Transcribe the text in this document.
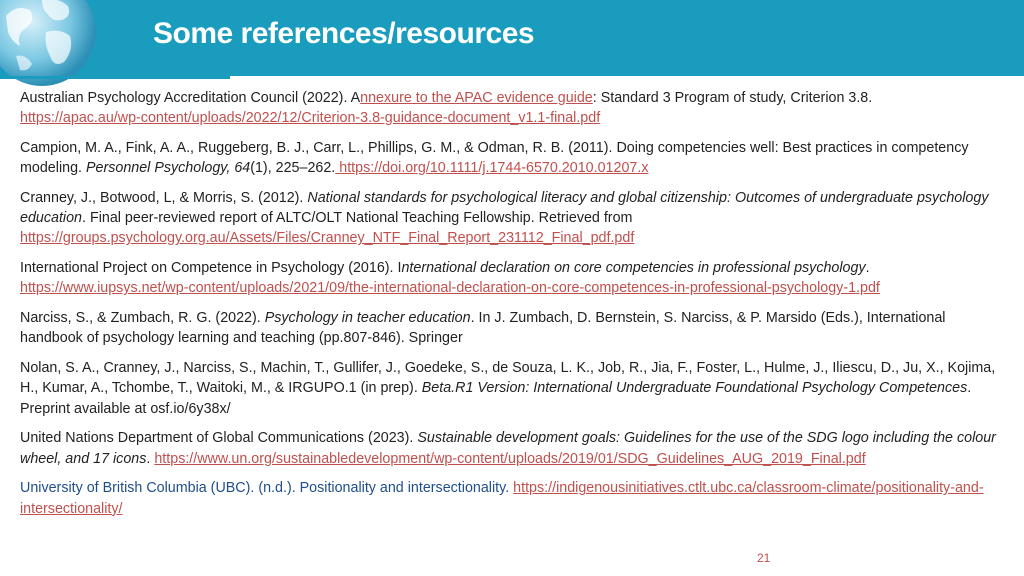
Some references/resources

Australian Psychology Accreditation Council (2022). Annexure to the APAC evidence guide: Standard 3 Program of study, Criterion 3.8.
https://apac.au/wp-content/uploads/2022/12/Criterion-3.8-guidance-document_v1.1-final.pdf

Campion, M. A., Fink, A. A., Ruggeberg, B. J., Carr, L., Phillips, G. M., & Odman, R. B. (2011). Doing competencies well: Best practices in competency modeling. Personnel Psychology, 64(1), 225–262. https://doi.org/10.1111/j.1744-6570.2010.01207.x

Cranney, J., Botwood, L, & Morris, S. (2012). National standards for psychological literacy and global citizenship: Outcomes of undergraduate psychology education. Final peer-reviewed report of ALTC/OLT National Teaching Fellowship. Retrieved from
https://groups.psychology.org.au/Assets/Files/Cranney_NTF_Final_Report_231112_Final_pdf.pdf

International Project on Competence in Psychology (2016). International declaration on core competencies in professional psychology.
https://www.iupsys.net/wp-content/uploads/2021/09/the-international-declaration-on-core-competences-in-professional-psychology-1.pdf

Narciss, S., & Zumbach, R. G. (2022). Psychology in teacher education. In J. Zumbach, D. Bernstein, S. Narciss, & P. Marsido (Eds.), International handbook of psychology learning and teaching (pp.807-846). Springer

Nolan, S. A., Cranney, J., Narciss, S., Machin, T., Gullifer, J., Goedeke, S., de Souza, L. K., Job, R., Jia, F., Foster, L., Hulme, J., Iliescu, D., Ju, X., Kojima, H., Kumar, A., Tchombe, T., Waitoki, M., & IRGUPO.1 (in prep). Beta.R1 Version: International Undergraduate Foundational Psychology Competences. Preprint available at osf.io/6y38x/

United Nations Department of Global Communications (2023). Sustainable development goals: Guidelines for the use of the SDG logo including the colour wheel, and 17 icons. https://www.un.org/sustainabledevelopment/wp-content/uploads/2019/01/SDG_Guidelines_AUG_2019_Final.pdf

University of British Columbia (UBC). (n.d.). Positionality and intersectionality. https://indigenousinitiatives.ctlt.ubc.ca/classroom-climate/positionality-and-intersectionality/

21
